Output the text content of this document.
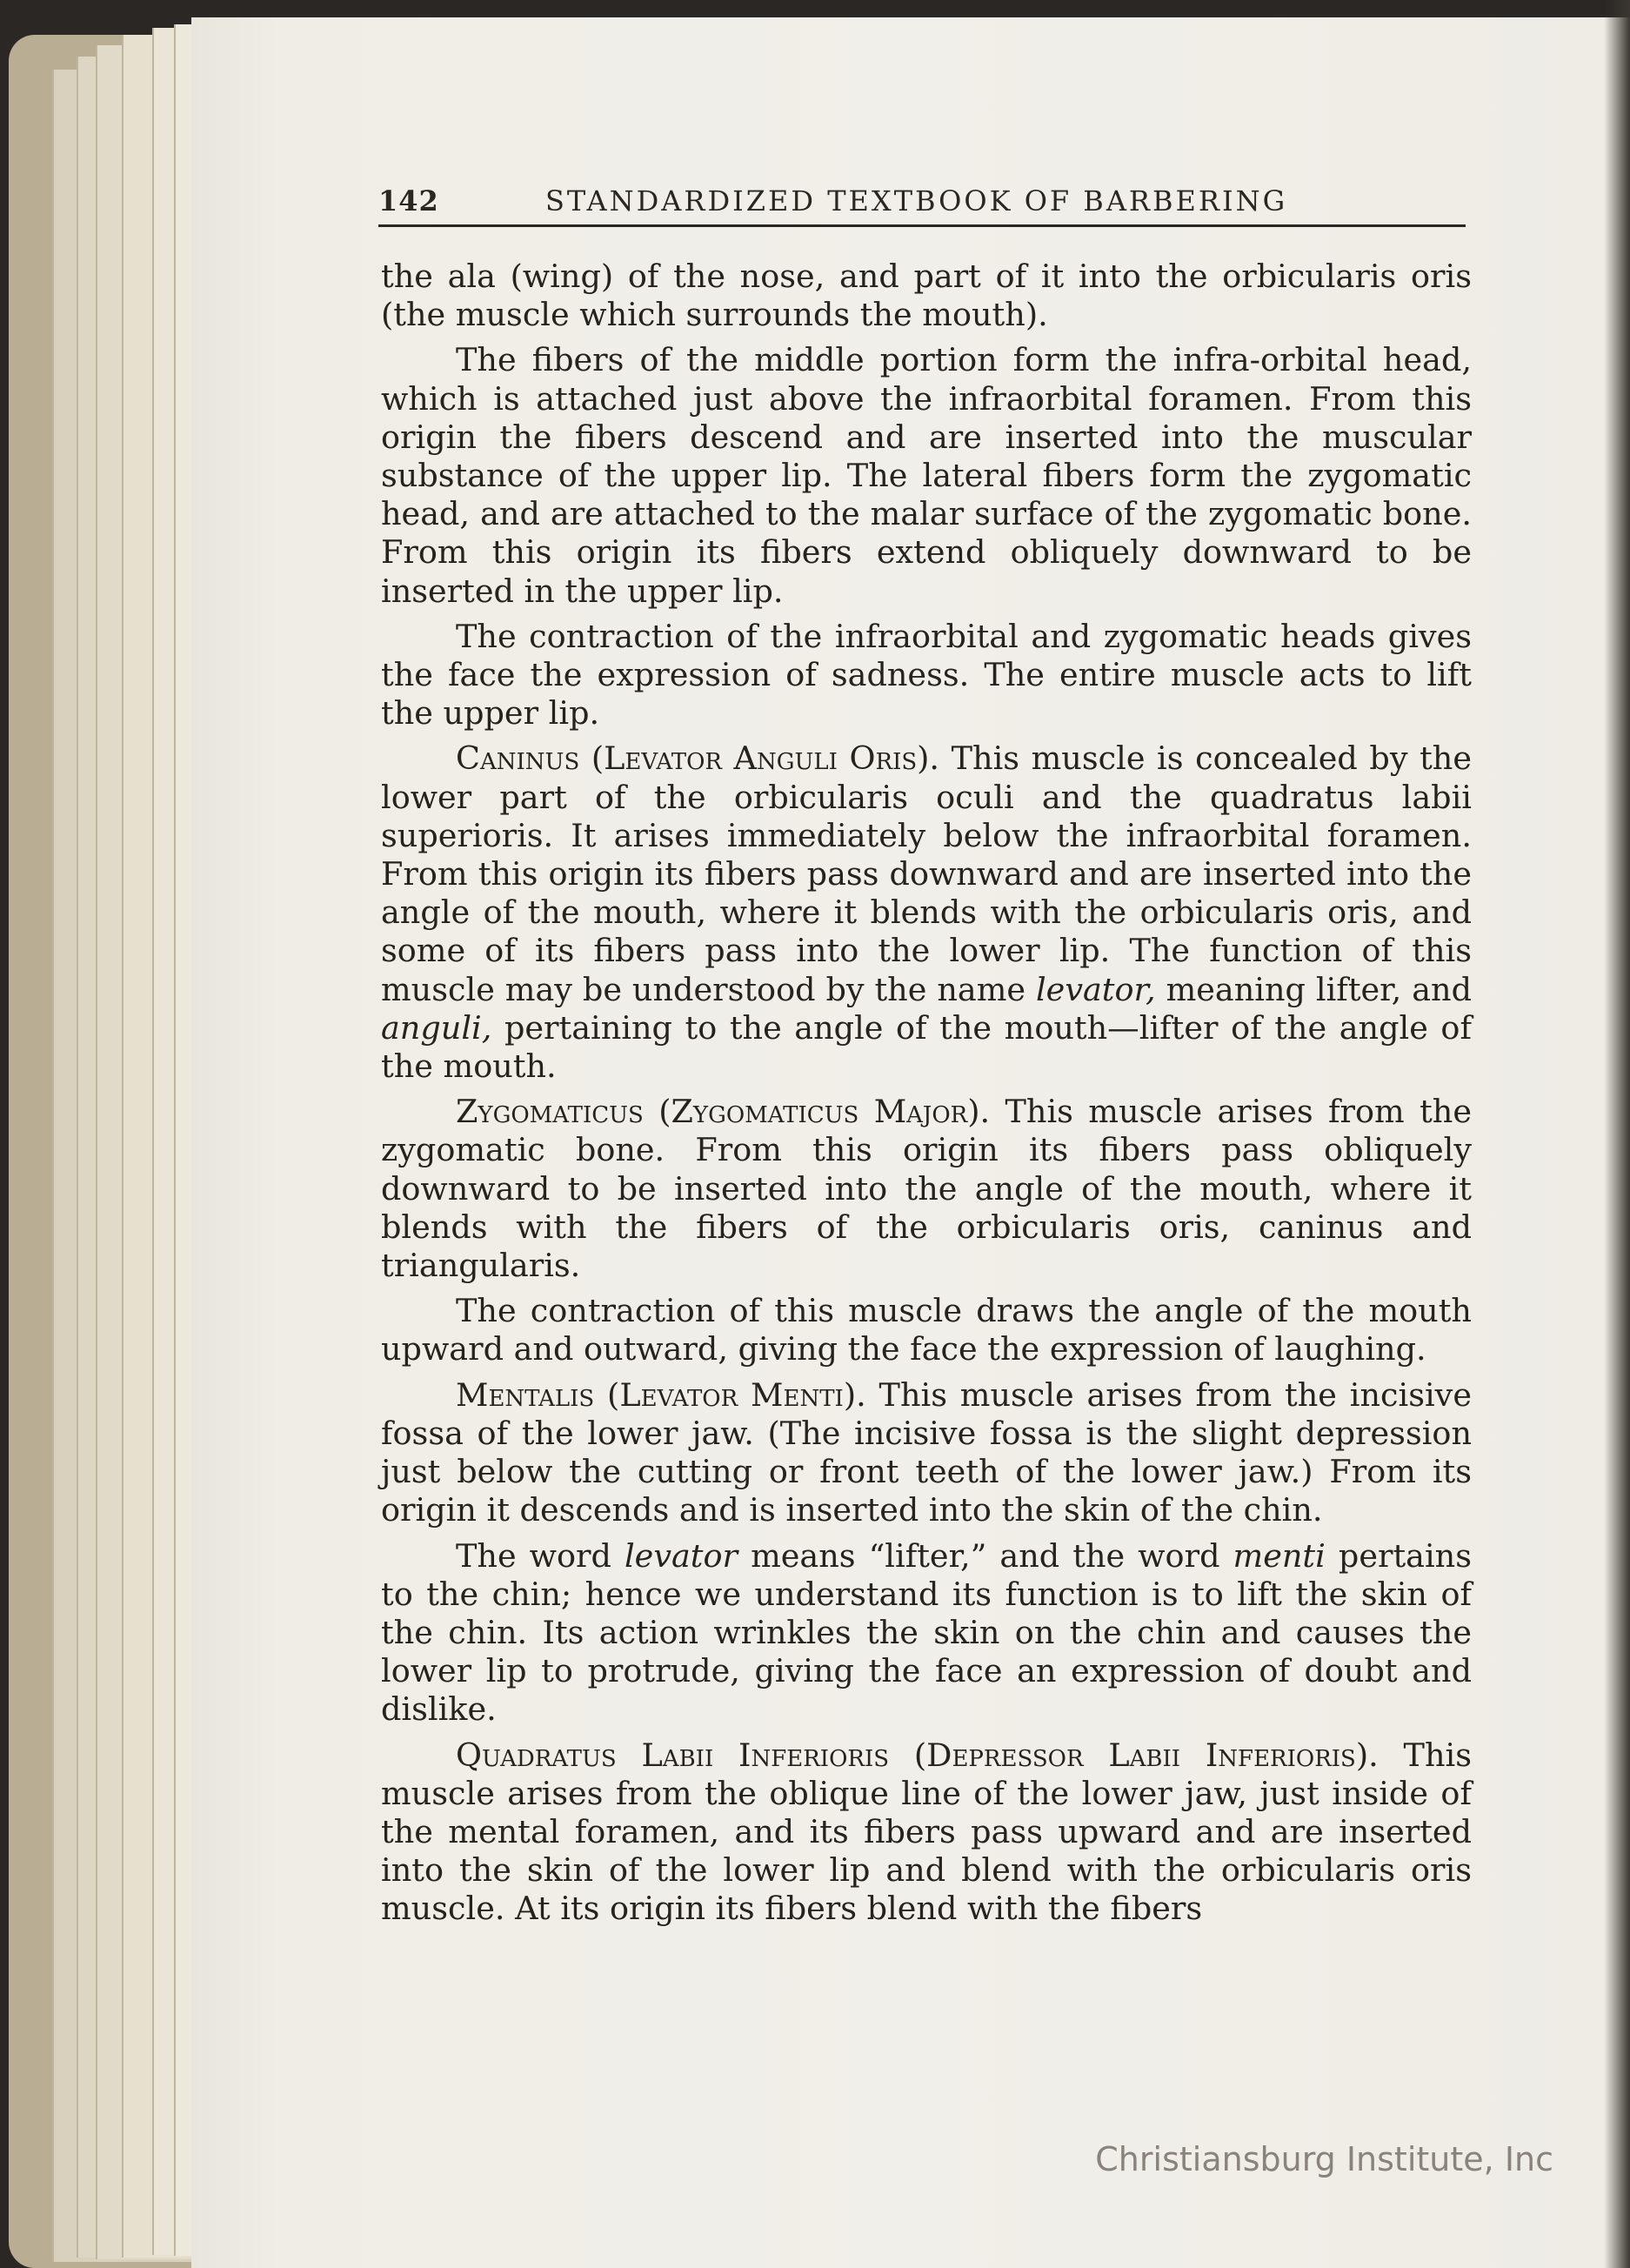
142	STANDARDIZED TEXTBOOK OF BARBERING

the ala (wing) of the nose, and part of it into the orbicularis oris (the muscle which surrounds the mouth).

The fibers of the middle portion form the infra-orbital head, which is attached just above the infraorbital foramen. From this origin the fibers descend and are inserted into the muscular substance of the upper lip. The lateral fibers form the zygomatic head, and are attached to the malar surface of the zygomatic bone. From this origin its fibers extend obliquely downward to be inserted in the upper lip.

The contraction of the infraorbital and zygomatic heads gives the face the expression of sadness. The entire muscle acts to lift the upper lip.

Caninus (Levator Anguli Oris). This muscle is concealed by the lower part of the orbicularis oculi and the quadratus labii superioris. It arises immediately below the infraorbital foramen. From this origin its fibers pass downward and are inserted into the angle of the mouth, where it blends with the orbicularis oris, and some of its fibers pass into the lower lip. The function of this muscle may be understood by the name levator, meaning lifter, and anguli, pertaining to the angle of the mouth—lifter of the angle of the mouth.

Zygomaticus (Zygomaticus Major). This muscle arises from the zygomatic bone. From this origin its fibers pass obliquely downward to be inserted into the angle of the mouth, where it blends with the fibers of the orbicularis oris, caninus and triangularis.

The contraction of this muscle draws the angle of the mouth upward and outward, giving the face the expression of laughing.

Mentalis (Levator Menti). This muscle arises from the incisive fossa of the lower jaw. (The incisive fossa is the slight depression just below the cutting or front teeth of the lower jaw.) From its origin it descends and is inserted into the skin of the chin.

The word levator means “lifter,” and the word menti pertains to the chin; hence we understand its function is to lift the skin of the chin. Its action wrinkles the skin on the chin and causes the lower lip to protrude, giving the face an expression of doubt and dislike.

Quadratus Labii Inferioris (Depressor Labii Inferioris). This muscle arises from the oblique line of the lower jaw, just inside of the mental foramen, and its fibers pass upward and are inserted into the skin of the lower lip and blend with the orbicularis oris muscle. At its origin its fibers blend with the fibers

Christiansburg Institute, Inc
